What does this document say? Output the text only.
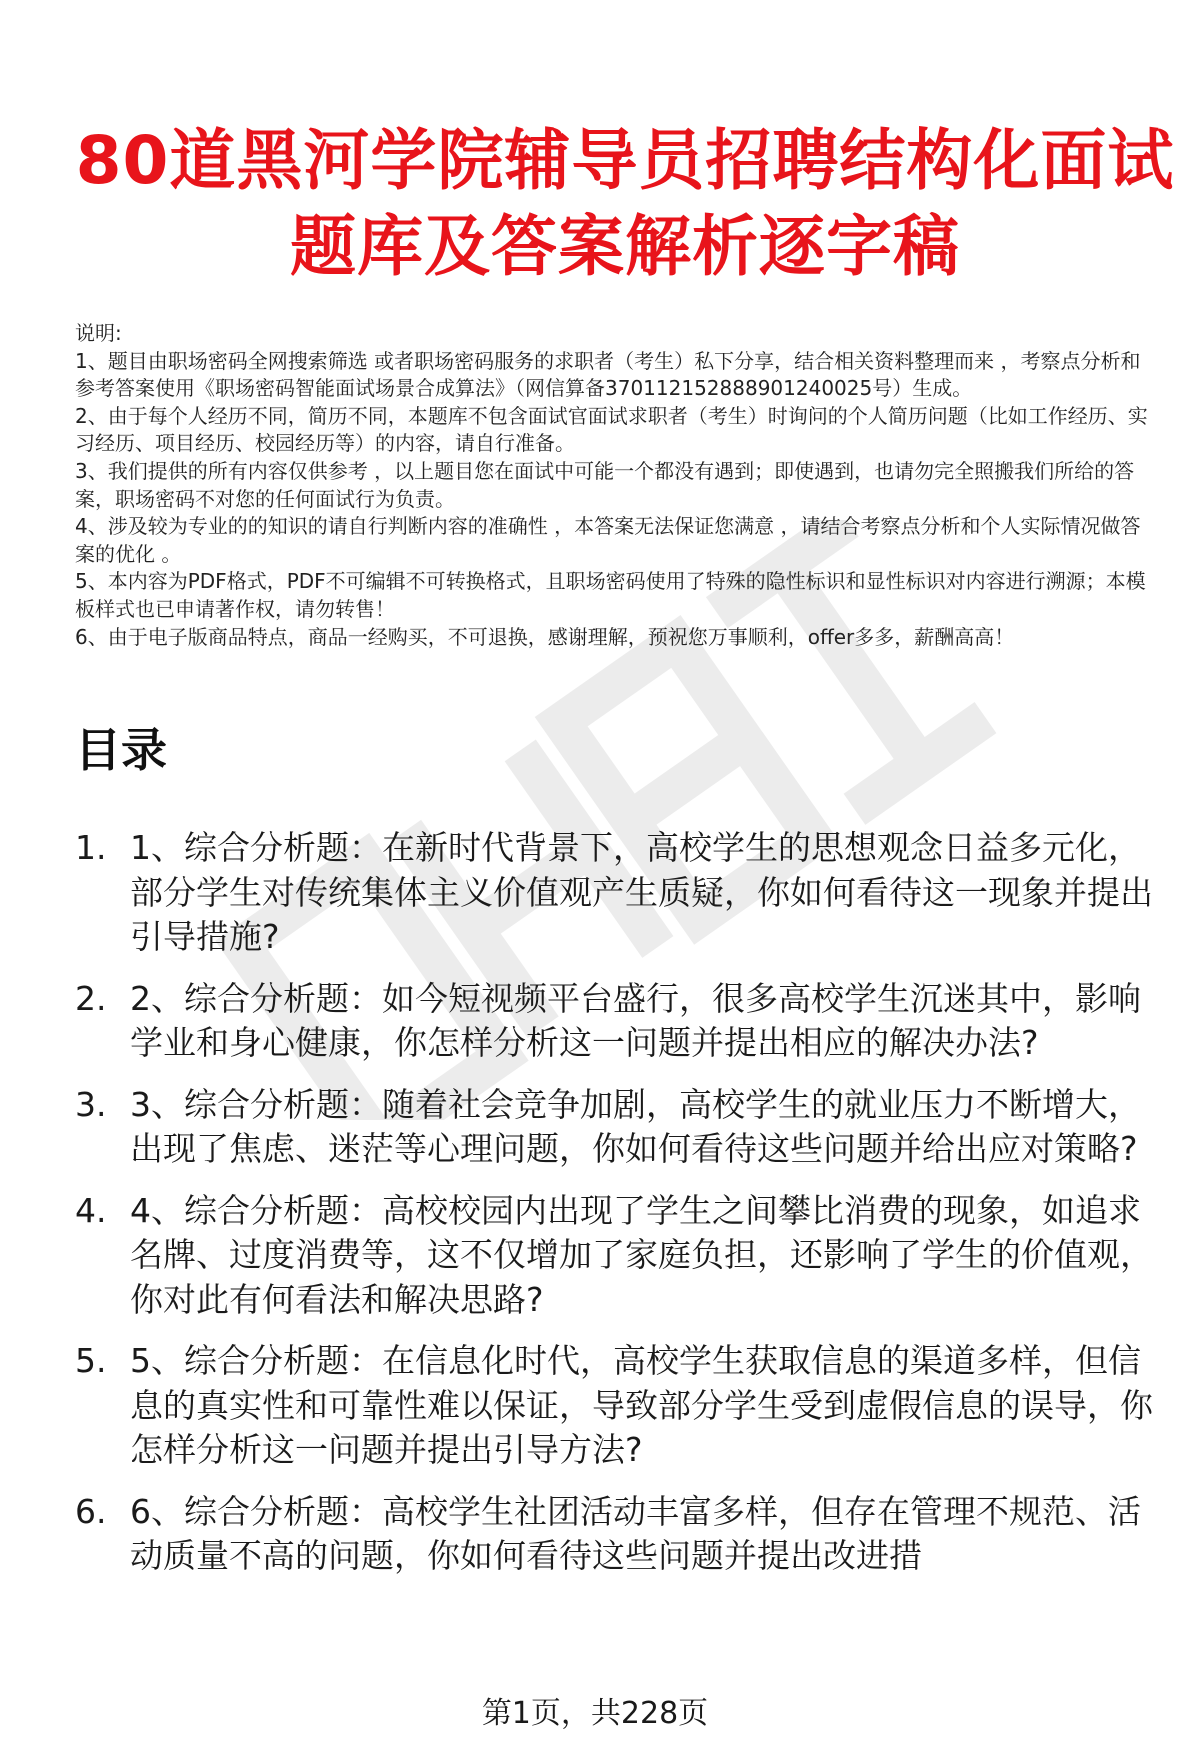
80道黑河学院辅导员招聘结构化面试题库及答案解析逐字稿
说明:
1、题目由职场密码全网搜索筛选 或者职场密码服务的求职者（考生）私下分享，结合相关资料整理而来 ，考察点分析和参考答案使用《职场密码智能面试场景合成算法》（网信算备370112152888901240025号）生成。
2、由于每个人经历不同，简历不同，本题库不包含面试官面试求职者（考生）时询问的个人简历问题（比如工作经历、实习经历、项目经历、校园经历等）的内容，请自行准备。
3、我们提供的所有内容仅供参考 ，以上题目您在面试中可能一个都没有遇到；即使遇到，也请勿完全照搬我们所给的答案，职场密码不对您的任何面试行为负责。
4、涉及较为专业的的知识的请自行判断内容的准确性 ，本答案无法保证您满意 ，请结合考察点分析和个人实际情况做答案的优化 。
5、本内容为PDF格式，PDF不可编辑不可转换格式，且职场密码使用了特殊的隐性标识和显性标识对内容进行溯源；本模板样式也已申请著作权，请勿转售！
6、由于电子版商品特点，商品一经购买，不可退换，感谢理解，预祝您万事顺利，offer多多，薪酬高高！
目录
1. 1、综合分析题：在新时代背景下，高校学生的思想观念日益多元化，部分学生对传统集体主义价值观产生质疑，你如何看待这一现象并提出引导措施?
2. 2、综合分析题：如今短视频平台盛行，很多高校学生沉迷其中，影响学业和身心健康，你怎样分析这一问题并提出相应的解决办法?
3. 3、综合分析题：随着社会竞争加剧，高校学生的就业压力不断增大，出现了焦虑、迷茫等心理问题，你如何看待这些问题并给出应对策略?
4. 4、综合分析题：高校校园内出现了学生之间攀比消费的现象，如追求名牌、过度消费等，这不仅增加了家庭负担，还影响了学生的价值观，你对此有何看法和解决思路?
5. 5、综合分析题：在信息化时代，高校学生获取信息的渠道多样，但信息的真实性和可靠性难以保证，导致部分学生受到虚假信息的误导，你怎样分析这一问题并提出引导方法?
6. 6、综合分析题：高校学生社团活动丰富多样，但存在管理不规范、活动质量不高的问题，你如何看待这些问题并提出改进措
第1页，共228页
